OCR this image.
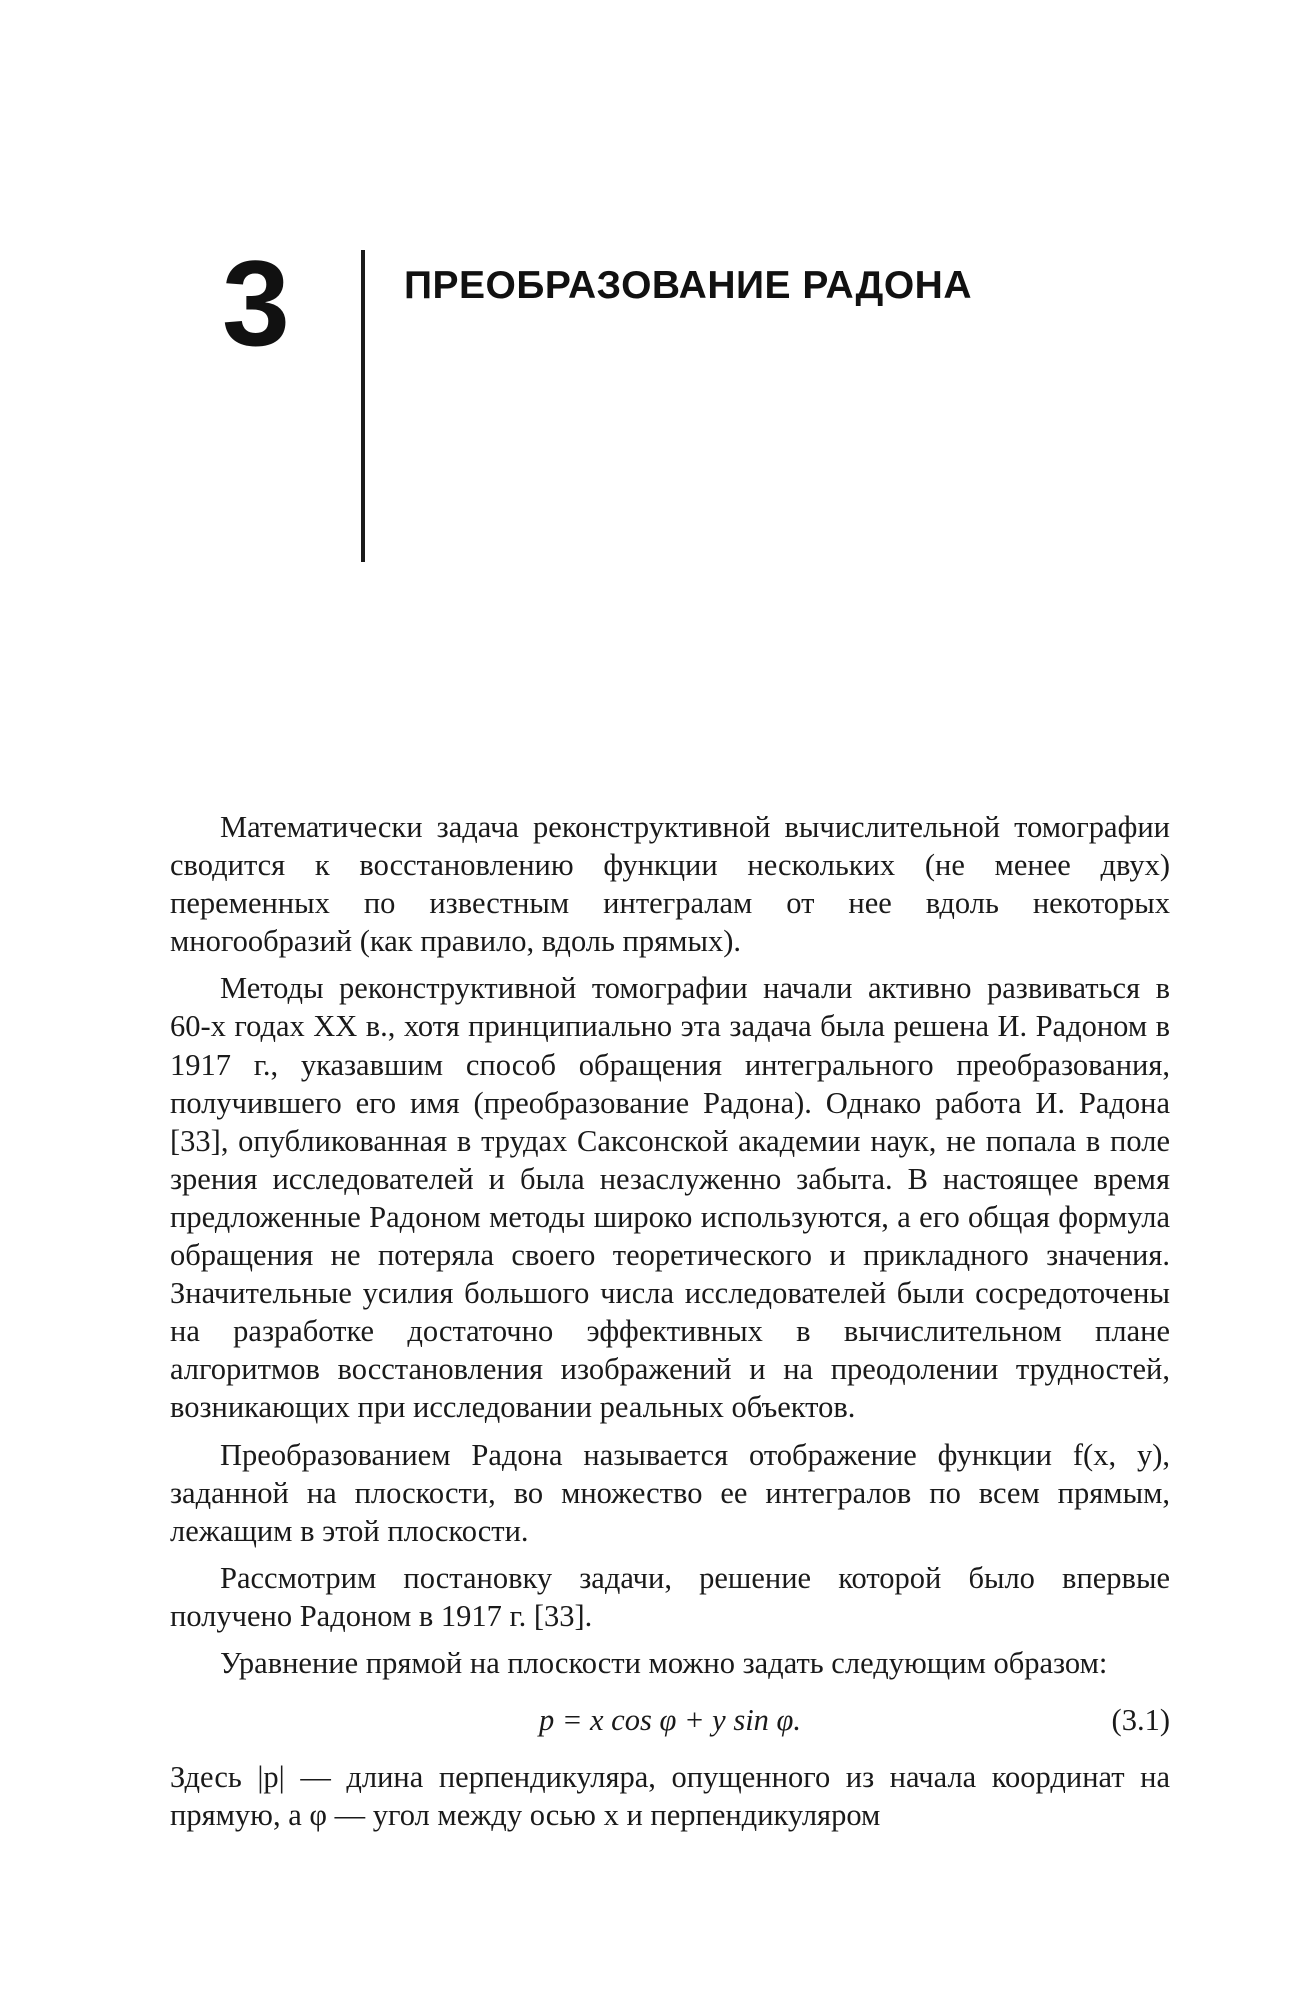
3	ПРЕОБРАЗОВАНИЕ РАДОНА

Математически задача реконструктивной вычислительной томографии сводится к восстановлению функции нескольких (не менее двух) переменных по известным интегралам от нее вдоль некоторых многообразий (как правило, вдоль прямых).

Методы реконструктивной томографии начали активно развиваться в 60-х годах XX в., хотя принципиально эта задача была решена И. Радоном в 1917 г., указавшим способ обращения интегрального преобразования, получившего его имя (преобразование Радона). Однако работа И. Радона [33], опубликованная в трудах Саксонской академии наук, не попала в поле зрения исследователей и была незаслуженно забыта. В настоящее время предложенные Радоном методы широко используются, а его общая формула обращения не потеряла своего теоретического и прикладного значения. Значительные усилия большого числа исследователей были сосредоточены на разработке достаточно эффективных в вычислительном плане алгоритмов восстановления изображений и на преодолении трудностей, возникающих при исследовании реальных объектов.

Преобразованием Радона называется отображение функции f(x, y), заданной на плоскости, во множество ее интегралов по всем прямым, лежащим в этой плоскости.

Рассмотрим постановку задачи, решение которой было впервые получено Радоном в 1917 г. [33].

Уравнение прямой на плоскости можно задать следующим образом:

p = x cos φ + y sin φ.	(3.1)

Здесь |p| — длина перпендикуляра, опущенного из начала координат на прямую, а φ — угол между осью x и перпендикуляром
